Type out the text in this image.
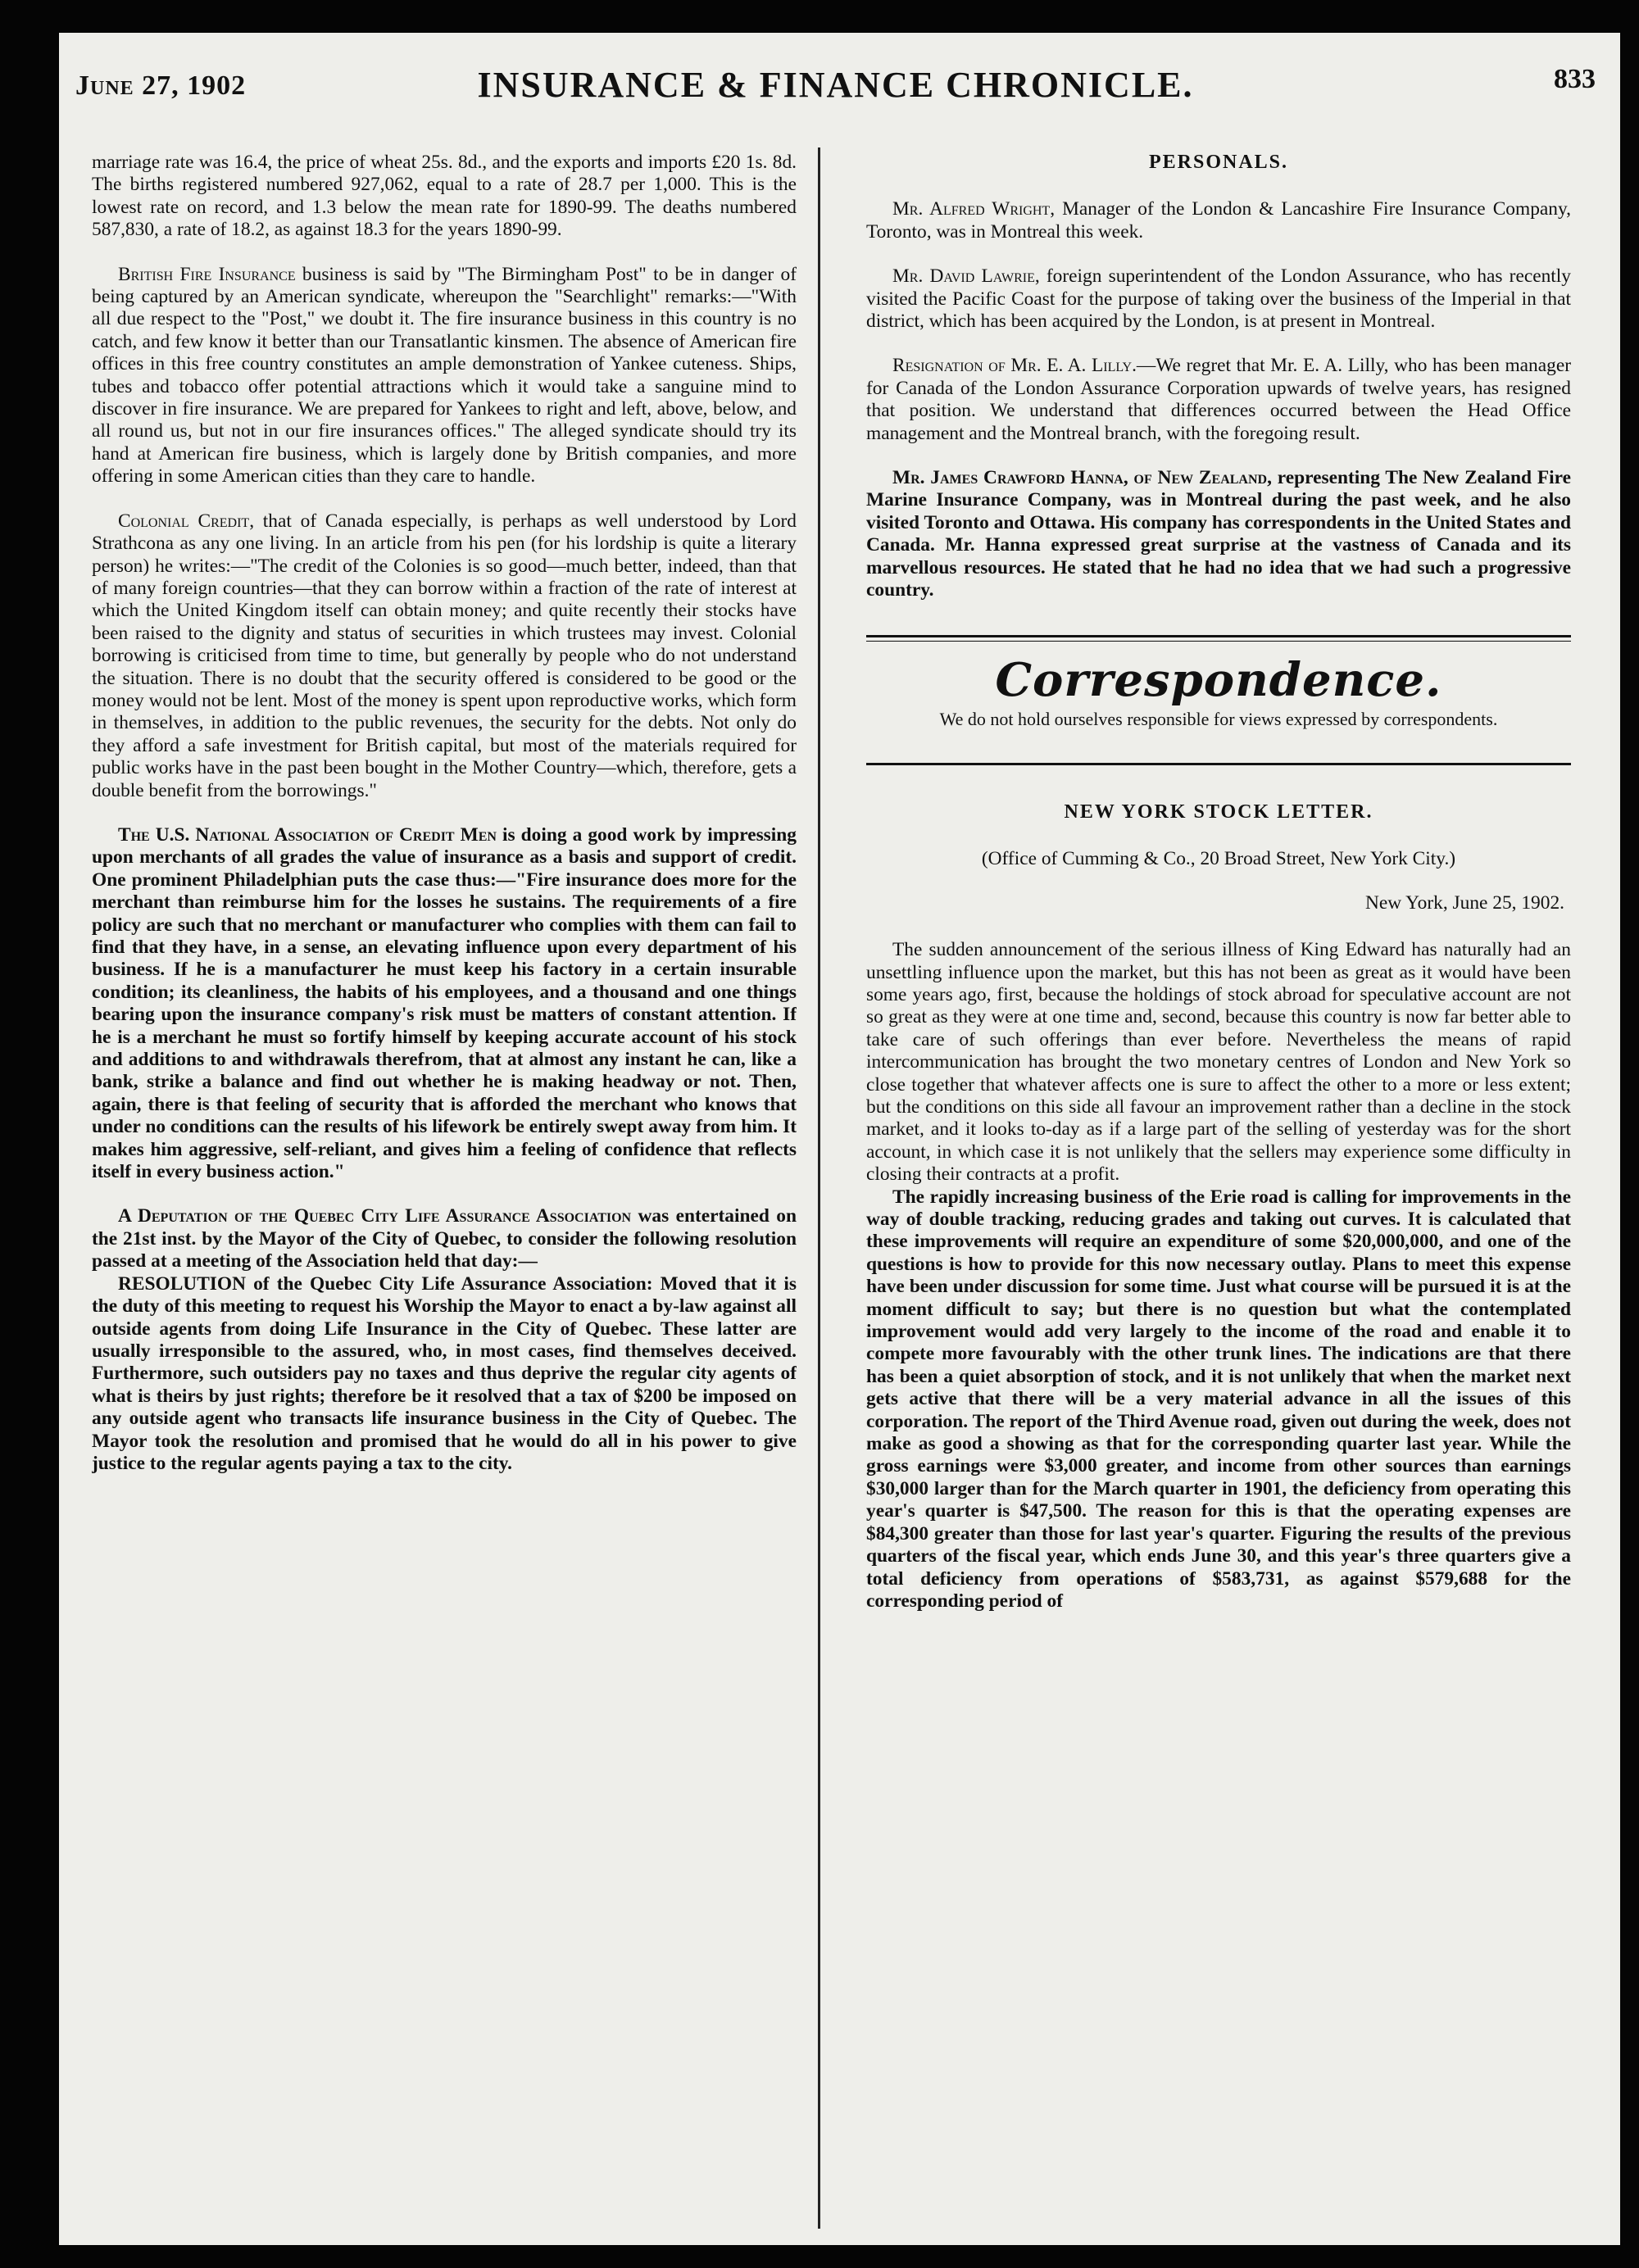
June 27, 1902	INSURANCE & FINANCE CHRONICLE.	833

marriage rate was 16.4, the price of wheat 25s. 8d., and the exports and imports £20 1s. 8d. The births registered numbered 927,062, equal to a rate of 28.7 per 1,000. This is the lowest rate on record, and 1.3 below the mean rate for 1890-99. The deaths numbered 587,830, a rate of 18.2, as against 18.3 for the years 1890-99.

British Fire Insurance business is said by "The Birmingham Post" to be in danger of being captured by an American syndicate, whereupon the "Searchlight" remarks:—"With all due respect to the "Post," we doubt it. The fire insurance business in this country is no catch, and few know it better than our Transatlantic kinsmen. The absence of American fire offices in this free country constitutes an ample demonstration of Yankee cuteness. Ships, tubes and tobacco offer potential attractions which it would take a sanguine mind to discover in fire insurance. We are prepared for Yankees to right and left, above, below, and all round us, but not in our fire insurances offices." The alleged syndicate should try its hand at American fire business, which is largely done by British companies, and more offering in some American cities than they care to handle.

Colonial Credit, that of Canada especially, is perhaps as well understood by Lord Strathcona as any one living. In an article from his pen (for his lordship is quite a literary person) he writes:—"The credit of the Colonies is so good—much better, indeed, than that of many foreign countries—that they can borrow within a fraction of the rate of interest at which the United Kingdom itself can obtain money; and quite recently their stocks have been raised to the dignity and status of securities in which trustees may invest. Colonial borrowing is criticised from time to time, but generally by people who do not understand the situation. There is no doubt that the security offered is considered to be good or the money would not be lent. Most of the money is spent upon reproductive works, which form in themselves, in addition to the public revenues, the security for the debts. Not only do they afford a safe investment for British capital, but most of the materials required for public works have in the past been bought in the Mother Country—which, therefore, gets a double benefit from the borrowings."

The U.S. National Association of Credit Men is doing a good work by impressing upon merchants of all grades the value of insurance as a basis and support of credit. One prominent Philadelphian puts the case thus:—"Fire insurance does more for the merchant than reimburse him for the losses he sustains. The requirements of a fire policy are such that no merchant or manufacturer who complies with them can fail to find that they have, in a sense, an elevating influence upon every department of his business. If he is a manufacturer he must keep his factory in a certain insurable condition; its cleanliness, the habits of his employees, and a thousand and one things bearing upon the insurance company's risk must be matters of constant attention. If he is a merchant he must so fortify himself by keeping accurate account of his stock and additions to and withdrawals therefrom, that at almost any instant he can, like a bank, strike a balance and find out whether he is making headway or not. Then, again, there is that feeling of security that is afforded the merchant who knows that under no conditions can the results of his lifework be entirely swept away from him. It makes him aggressive, self-reliant, and gives him a feeling of confidence that reflects itself in every business action."

A Deputation of the Quebec City Life Assurance Association was entertained on the 21st inst. by the Mayor of the City of Quebec, to consider the following resolution passed at a meeting of the Association held that day:—

RESOLUTION of the Quebec City Life Assurance Association: Moved that it is the duty of this meeting to request his Worship the Mayor to enact a by-law against all outside agents from doing Life Insurance in the City of Quebec. These latter are usually irresponsible to the assured, who, in most cases, find themselves deceived. Furthermore, such outsiders pay no taxes and thus deprive the regular city agents of what is theirs by just rights; therefore be it resolved that a tax of $200 be imposed on any outside agent who transacts life insurance business in the City of Quebec. The Mayor took the resolution and promised that he would do all in his power to give justice to the regular agents paying a tax to the city.

PERSONALS.

Mr. Alfred Wright, Manager of the London & Lancashire Fire Insurance Company, Toronto, was in Montreal this week.

Mr. David Lawrie, foreign superintendent of the London Assurance, who has recently visited the Pacific Coast for the purpose of taking over the business of the Imperial in that district, which has been acquired by the London, is at present in Montreal.

Resignation of Mr. E. A. Lilly.—We regret that Mr. E. A. Lilly, who has been manager for Canada of the London Assurance Corporation upwards of twelve years, has resigned that position. We understand that differences occurred between the Head Office management and the Montreal branch, with the foregoing result.

Mr. James Crawford Hanna, of New Zealand, representing The New Zealand Fire Marine Insurance Company, was in Montreal during the past week, and he also visited Toronto and Ottawa. His company has correspondents in the United States and Canada. Mr. Hanna expressed great surprise at the vastness of Canada and its marvellous resources. He stated that he had no idea that we had such a progressive country.

Correspondence.

We do not hold ourselves responsible for views expressed by correspondents.

NEW YORK STOCK LETTER.

(Office of Cumming & Co., 20 Broad Street, New York City.)

New York, June 25, 1902.

The sudden announcement of the serious illness of King Edward has naturally had an unsettling influence upon the market, but this has not been as great as it would have been some years ago, first, because the holdings of stock abroad for speculative account are not so great as they were at one time and, second, because this country is now far better able to take care of such offerings than ever before. Nevertheless the means of rapid intercommunication has brought the two monetary centres of London and New York so close together that whatever affects one is sure to affect the other to a more or less extent; but the conditions on this side all favour an improvement rather than a decline in the stock market, and it looks to-day as if a large part of the selling of yesterday was for the short account, in which case it is not unlikely that the sellers may experience some difficulty in closing their contracts at a profit.

The rapidly increasing business of the Erie road is calling for improvements in the way of double tracking, reducing grades and taking out curves. It is calculated that these improvements will require an expenditure of some $20,000,000, and one of the questions is how to provide for this now necessary outlay. Plans to meet this expense have been under discussion for some time. Just what course will be pursued it is at the moment difficult to say; but there is no question but what the contemplated improvement would add very largely to the income of the road and enable it to compete more favourably with the other trunk lines. The indications are that there has been a quiet absorption of stock, and it is not unlikely that when the market next gets active that there will be a very material advance in all the issues of this corporation. The report of the Third Avenue road, given out during the week, does not make as good a showing as that for the corresponding quarter last year. While the gross earnings were $3,000 greater, and income from other sources than earnings $30,000 larger than for the March quarter in 1901, the deficiency from operating this year's quarter is $47,500. The reason for this is that the operating expenses are $84,300 greater than those for last year's quarter. Figuring the results of the previous quarters of the fiscal year, which ends June 30, and this year's three quarters give a total deficiency from operations of $583,731, as against $579,688 for the corresponding period of
